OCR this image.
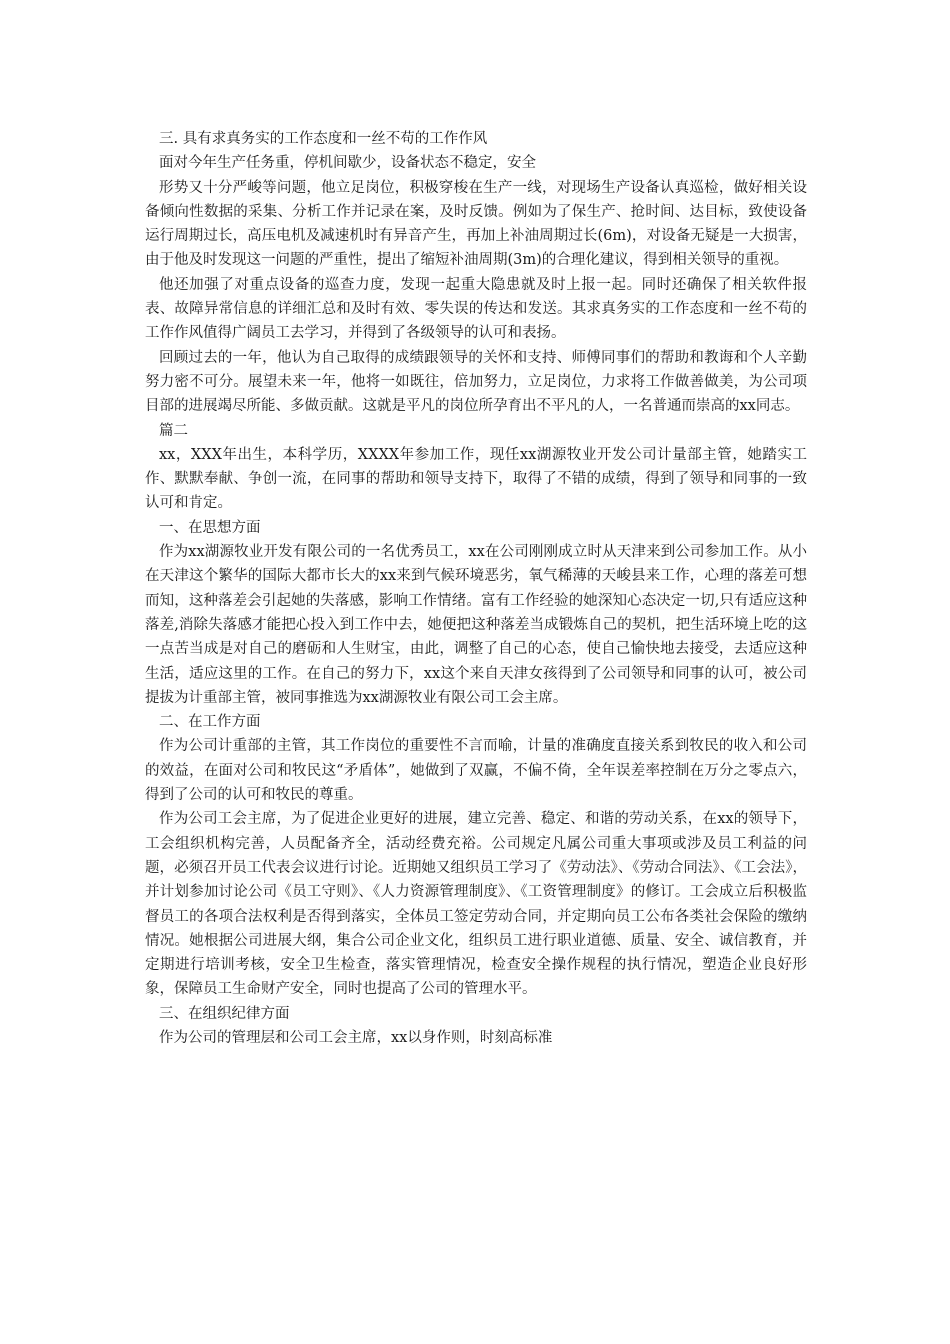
三. 具有求真务实的工作态度和一丝不苟的工作作风

面对今年生产任务重，停机间歇少，设备状态不稳定，安全

形势又十分严峻等问题，他立足岗位，积极穿梭在生产一线，对现场生产设备认真巡检，做好相关设备倾向性数据的采集、分析工作并记录在案，及时反馈。例如为了保生产、抢时间、达目标，致使设备运行周期过长，高压电机及减速机时有异音产生，再加上补油周期过长(6m)，对设备无疑是一大损害，由于他及时发现这一问题的严重性，提出了缩短补油周期(3m)的合理化建议，得到相关领导的重视。

他还加强了对重点设备的巡查力度，发现一起重大隐患就及时上报一起。同时还确保了相关软件报表、故障异常信息的详细汇总和及时有效、零失误的传达和发送。其求真务实的工作态度和一丝不苟的工作作风值得广阔员工去学习，并得到了各级领导的认可和表扬。

回顾过去的一年，他认为自己取得的成绩跟领导的关怀和支持、师傅同事们的帮助和教诲和个人辛勤努力密不可分。展望未来一年，他将一如既往，倍加努力，立足岗位，力求将工作做善做美，为公司项目部的进展竭尽所能、多做贡献。这就是平凡的岗位所孕育出不平凡的人，一名普通而崇高的xx同志。

篇二

xx，XXX年出生，本科学历，XXXX年参加工作，现任xx湖源牧业开发公司计量部主管，她踏实工作、默默奉献、争创一流，在同事的帮助和领导支持下，取得了不错的成绩，得到了领导和同事的一致认可和肯定。

一、在思想方面

作为xx湖源牧业开发有限公司的一名优秀员工，xx在公司刚刚成立时从天津来到公司参加工作。从小在天津这个繁华的国际大都市长大的xx来到气候环境恶劣，氧气稀薄的天峻县来工作，心理的落差可想而知，这种落差会引起她的失落感，影响工作情绪。富有工作经验的她深知心态决定一切,只有适应这种落差,消除失落感才能把心投入到工作中去，她便把这种落差当成锻炼自己的契机，把生活环境上吃的这一点苦当成是对自己的磨砺和人生财宝，由此，调整了自己的心态，使自己愉快地去接受，去适应这种生活，适应这里的工作。在自己的努力下，xx这个来自天津女孩得到了公司领导和同事的认可，被公司提拔为计重部主管，被同事推选为xx湖源牧业有限公司工会主席。

二、在工作方面

作为公司计重部的主管，其工作岗位的重要性不言而喻，计量的准确度直接关系到牧民的收入和公司的效益，在面对公司和牧民这“矛盾体”，她做到了双赢，不偏不倚，全年误差率控制在万分之零点六，得到了公司的认可和牧民的尊重。

作为公司工会主席，为了促进企业更好的进展，建立完善、稳定、和谐的劳动关系，在xx的领导下，工会组织机构完善，人员配备齐全，活动经费充裕。公司规定凡属公司重大事项或涉及员工利益的问题，必须召开员工代表会议进行讨论。近期她又组织员工学习了《劳动法》、《劳动合同法》、《工会法》，并计划参加讨论公司《员工守则》、《人力资源管理制度》、《工资管理制度》的修订。工会成立后积极监督员工的各项合法权利是否得到落实，全体员工签定劳动合同，并定期向员工公布各类社会保险的缴纳情况。她根据公司进展大纲，集合公司企业文化，组织员工进行职业道德、质量、安全、诚信教育，并定期进行培训考核，安全卫生检查，落实管理情况，检查安全操作规程的执行情况，塑造企业良好形象，保障员工生命财产安全，同时也提高了公司的管理水平。

三、在组织纪律方面

作为公司的管理层和公司工会主席，xx以身作则，时刻高标准
